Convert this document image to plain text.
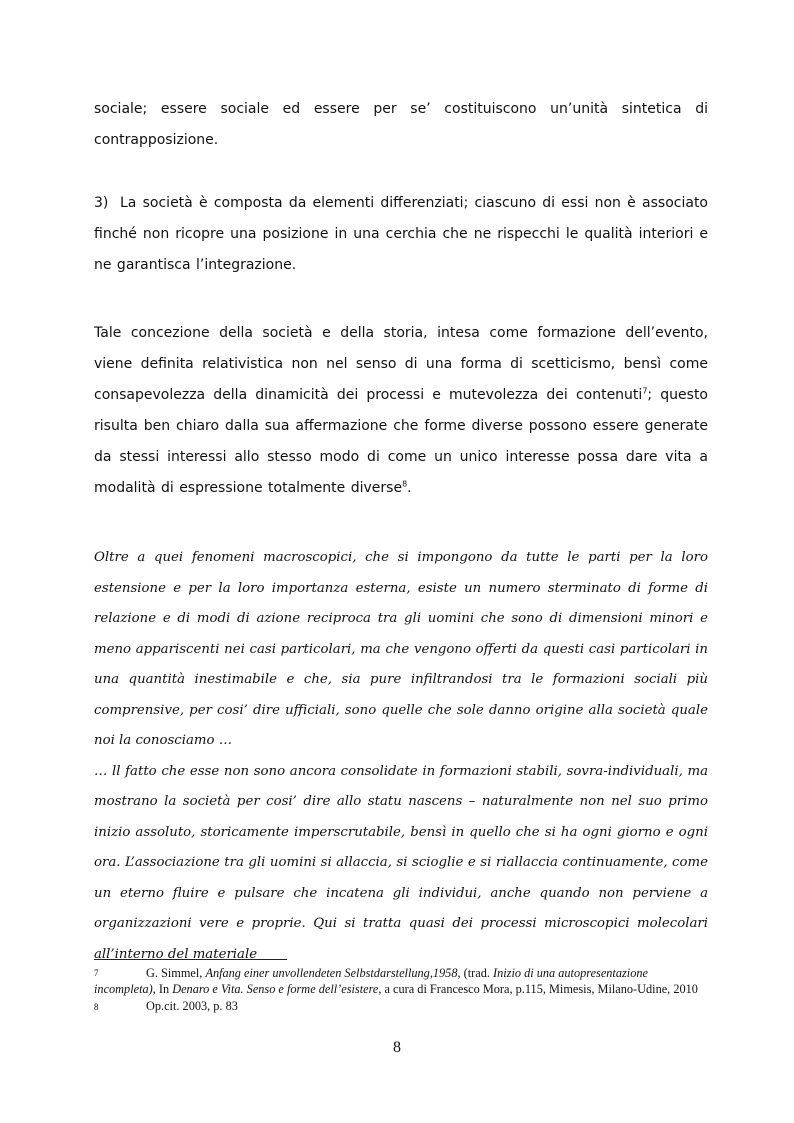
sociale; essere sociale ed essere per se’ costituiscono un’unità sintetica di contrapposizione.
3) La società è composta da elementi differenziati; ciascuno di essi non è associato finché non ricopre una posizione in una cerchia che ne rispecchi le qualità interiori e ne garantisca l’integrazione.
Tale concezione della società e della storia, intesa come formazione dell’evento, viene definita relativistica non nel senso di una forma di scetticismo, bensì come consapevolezza della dinamicità dei processi e mutevolezza dei contenuti$^7$; questo risulta ben chiaro dalla sua affermazione che forme diverse possono essere generate da stessi interessi allo stesso modo di come un unico interesse possa dare vita a modalità di espressione totalmente diverse$^8$.

Oltre a quei fenomeni macroscopici, che si impongono da tutte le parti per la loro estensione e per la loro importanza esterna, esiste un numero sterminato di forme di relazione e di modi di azione reciproca tra gli uomini che sono di dimensioni minori e meno appariscenti nei casi particolari, ma che vengono offerti da questi casi particolari in una quantità inestimabile e che, sia pure infiltrandosi tra le formazioni sociali più comprensive, per cosi’ dire ufficiali, sono quelle che sole danno origine alla società quale noi la conosciamo …

… ll fatto che esse non sono ancora consolidate in formazioni stabili, sovra-individuali, ma mostrano la società per cosi’ dire allo statu nascens – naturalmente non nel suo primo inizio assoluto, storicamente imperscrutabile, bensì in quello che si ha ogni giorno e ogni ora. L’associazione tra gli uomini si allaccia, si scioglie e si riallaccia continuamente, come un eterno fluire e pulsare che incatena gli individui, anche quando non perviene a organizzazioni vere e proprie. Qui si tratta quasi dei processi microscopici molecolari all’interno del materiale

7	G. Simmel, Anfang einer unvollendeten Selbstdarstellung,1958, (trad. Inizio di una autopresentazione incompleta), In Denaro e Vita. Senso e forme dell’esistere, a cura di Francesco Mora, p.115, Mimesis, Milano-Udine, 2010

8	Op.cit. 2003, p. 83

8
